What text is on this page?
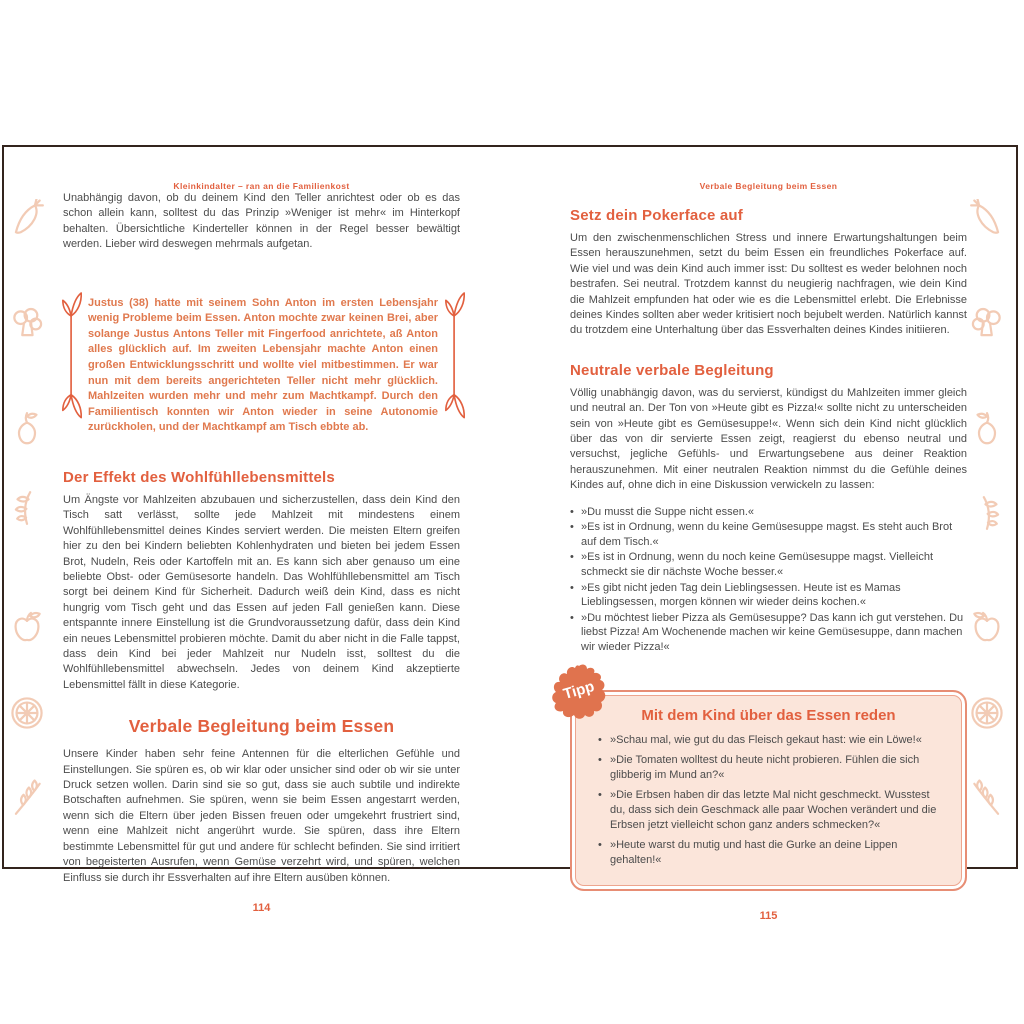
Kleinkindalter – ran an die Familienkost

Unabhängig davon, ob du deinem Kind den Teller anrichtest oder ob es das schon allein kann, solltest du das Prinzip »Weniger ist mehr« im Hinterkopf behalten. Übersichtliche Kinderteller können in der Regel besser bewältigt werden. Lieber wird deswegen mehrmals aufgetan.

Justus (38) hatte mit seinem Sohn Anton im ersten Lebensjahr wenig Probleme beim Essen. Anton mochte zwar keinen Brei, aber solange Justus Antons Teller mit Fingerfood anrichtete, aß Anton alles glücklich auf. Im zweiten Lebensjahr machte Anton einen großen Entwicklungsschritt und wollte viel mitbestimmen. Er war nun mit dem bereits angerichteten Teller nicht mehr glücklich. Mahlzeiten wurden mehr und mehr zum Machtkampf. Durch den Familientisch konnten wir Anton wieder in seine Autonomie zurückholen, und der Machtkampf am Tisch ebbte ab.

Der Effekt des Wohlfühllebensmittels

Um Ängste vor Mahlzeiten abzubauen und sicherzustellen, dass dein Kind den Tisch satt verlässt, sollte jede Mahlzeit mit mindestens einem Wohlfühllebensmittel deines Kindes serviert werden. Die meisten Eltern greifen hier zu den bei Kindern beliebten Kohlenhydraten und bieten bei jedem Essen Brot, Nudeln, Reis oder Kartoffeln mit an. Es kann sich aber genauso um eine beliebte Obst- oder Gemüsesorte handeln. Das Wohlfühllebensmittel am Tisch sorgt bei deinem Kind für Sicherheit. Dadurch weiß dein Kind, dass es nicht hungrig vom Tisch geht und das Essen auf jeden Fall genießen kann. Diese entspannte innere Einstellung ist die Grundvoraussetzung dafür, dass dein Kind ein neues Lebensmittel probieren möchte. Damit du aber nicht in die Falle tappst, dass dein Kind bei jeder Mahlzeit nur Nudeln isst, solltest du die Wohlfühllebensmittel abwechseln. Jedes von deinem Kind akzeptierte Lebensmittel fällt in diese Kategorie.

Verbale Begleitung beim Essen

Unsere Kinder haben sehr feine Antennen für die elterlichen Gefühle und Einstellungen. Sie spüren es, ob wir klar oder unsicher sind oder ob wir sie unter Druck setzen wollen. Darin sind sie so gut, dass sie auch subtile und indirekte Botschaften aufnehmen. Sie spüren, wenn sie beim Essen angestarrt werden, wenn sich die Eltern über jeden Bissen freuen oder umgekehrt frustriert sind, wenn eine Mahlzeit nicht angerührt wurde. Sie spüren, dass ihre Eltern bestimmte Lebensmittel für gut und andere für schlecht befinden. Sie sind irritiert von begeisterten Ausrufen, wenn Gemüse verzehrt wird, und spüren, welchen Einfluss sie durch ihr Essverhalten auf ihre Eltern ausüben können.

114
Verbale Begleitung beim Essen
Setz dein Pokerface auf

Um den zwischenmenschlichen Stress und innere Erwartungshaltungen beim Essen herauszunehmen, setzt du beim Essen ein freundliches Pokerface auf. Wie viel und was dein Kind auch immer isst: Du solltest es weder belohnen noch bestrafen. Sei neutral. Trotzdem kannst du neugierig nachfragen, wie dein Kind die Mahlzeit empfunden hat oder wie es die Lebensmittel erlebt. Die Erlebnisse deines Kindes sollten aber weder kritisiert noch bejubelt werden. Natürlich kannst du trotzdem eine Unterhaltung über das Essverhalten deines Kindes initiieren.

Neutrale verbale Begleitung

Völlig unabhängig davon, was du servierst, kündigst du Mahlzeiten immer gleich und neutral an. Der Ton von »Heute gibt es Pizza!« sollte nicht zu unterscheiden sein von »Heute gibt es Gemüsesuppe!«. Wenn sich dein Kind nicht glücklich über das von dir servierte Essen zeigt, reagierst du ebenso neutral und versuchst, jegliche Gefühls- und Erwartungsebene aus deiner Reaktion herauszunehmen. Mit einer neutralen Reaktion nimmst du die Gefühle deines Kindes auf, ohne dich in eine Diskussion verwickeln zu lassen:

• »Du musst die Suppe nicht essen.«
• »Es ist in Ordnung, wenn du keine Gemüsesuppe magst. Es steht auch Brot auf dem Tisch.«
• »Es ist in Ordnung, wenn du noch keine Gemüsesuppe magst. Vielleicht schmeckt sie dir nächste Woche besser.«
• »Es gibt nicht jeden Tag dein Lieblingsessen. Heute ist es Mamas Lieblingsessen, morgen können wir wieder deins kochen.«
• »Du möchtest lieber Pizza als Gemüsesuppe? Das kann ich gut verstehen. Du liebst Pizza! Am Wochenende machen wir keine Gemüsesuppe, dann machen wir wieder Pizza!«
Tipp
Mit dem Kind über das Essen reden
• »Schau mal, wie gut du das Fleisch gekaut hast: wie ein Löwe!«
• »Die Tomaten wolltest du heute nicht probieren. Fühlen die sich glibberig im Mund an?«
• »Die Erbsen haben dir das letzte Mal nicht geschmeckt. Wusstest du, dass sich dein Geschmack alle paar Wochen verändert und die Erbsen jetzt vielleicht schon ganz anders schmecken?«
• »Heute warst du mutig und hast die Gurke an deine Lippen gehalten!«
115
